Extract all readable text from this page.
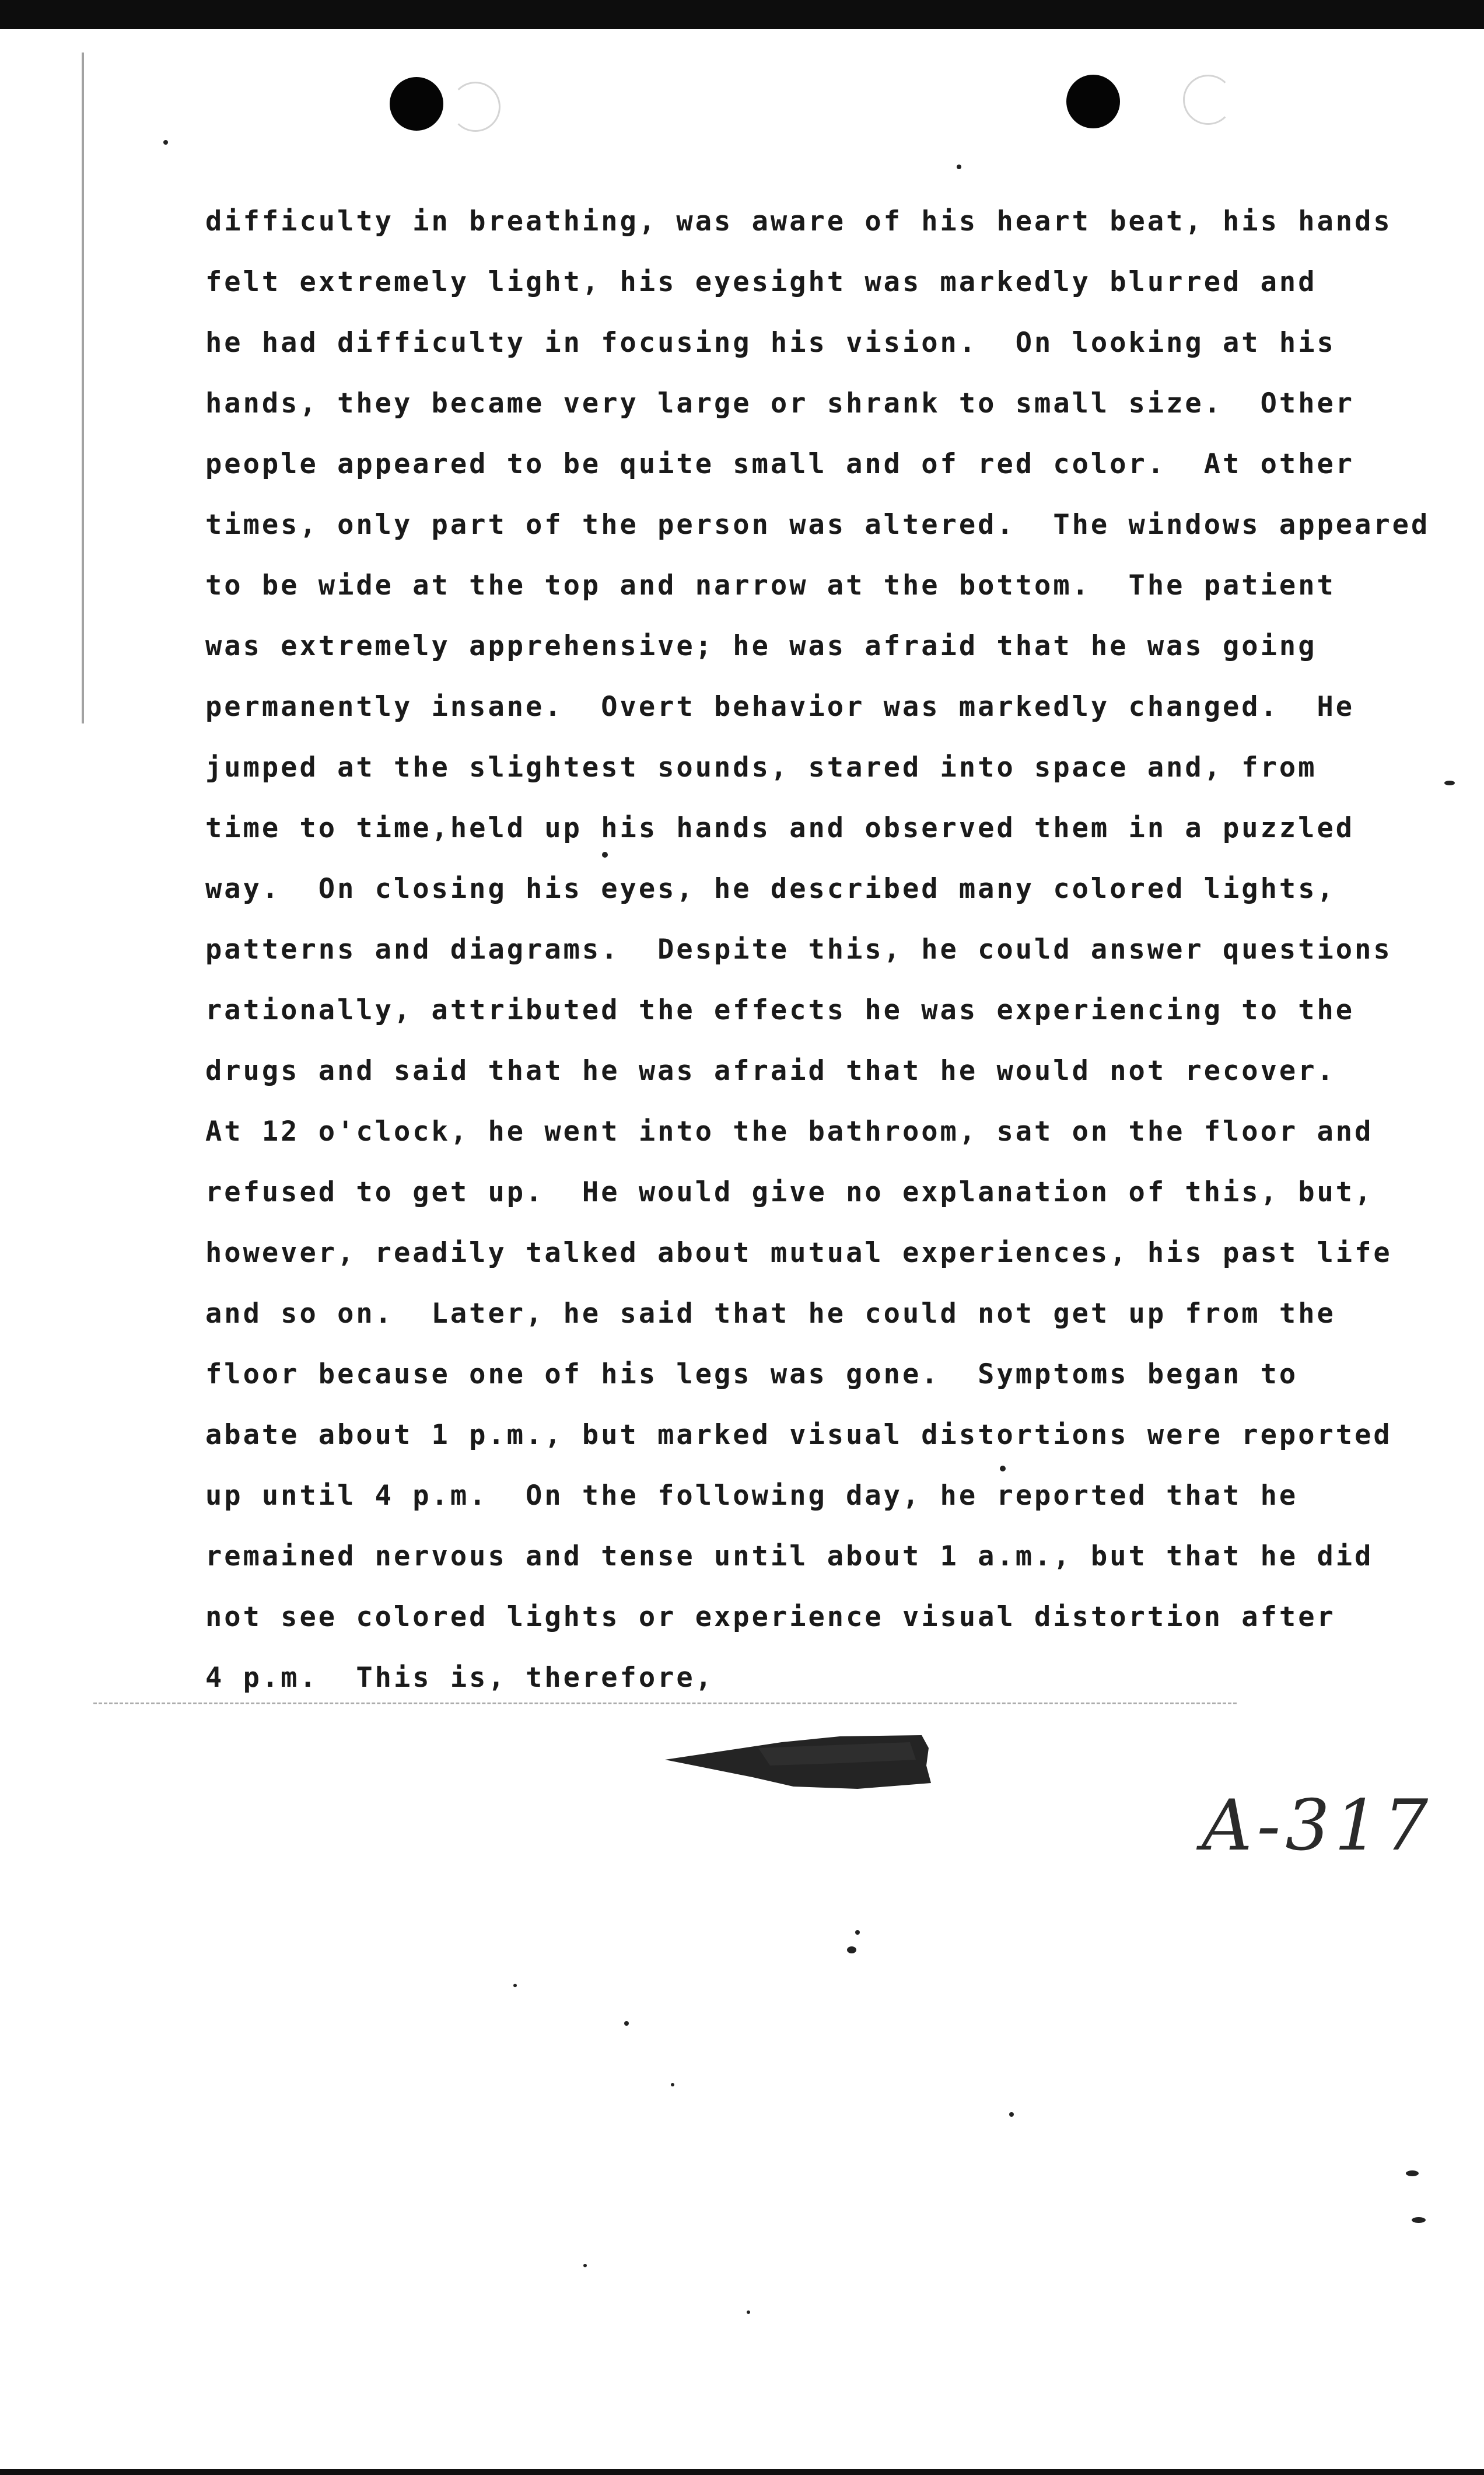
difficulty in breathing, was aware of his heart beat, his hands
felt extremely light, his eyesight was markedly blurred and
he had difficulty in focusing his vision.  On looking at his
hands, they became very large or shrank to small size.  Other
people appeared to be quite small and of red color.  At other
times, only part of the person was altered.  The windows appeared
to be wide at the top and narrow at the bottom.  The patient
was extremely apprehensive; he was afraid that he was going
permanently insane.  Overt behavior was markedly changed.  He
jumped at the slightest sounds, stared into space and, from
time to time,held up his hands and observed them in a puzzled
way.  On closing his eyes, he described many colored lights,
patterns and diagrams.  Despite this, he could answer questions
rationally, attributed the effects he was experiencing to the
drugs and said that he was afraid that he would not recover.
At 12 o'clock, he went into the bathroom, sat on the floor and
refused to get up.  He would give no explanation of this, but,
however, readily talked about mutual experiences, his past life
and so on.  Later, he said that he could not get up from the
floor because one of his legs was gone.  Symptoms began to
abate about 1 p.m., but marked visual distortions were reported
up until 4 p.m.  On the following day, he reported that he
remained nervous and tense until about 1 a.m., but that he did
not see colored lights or experience visual distortion after
4 p.m.  This is, therefore,
A-317
